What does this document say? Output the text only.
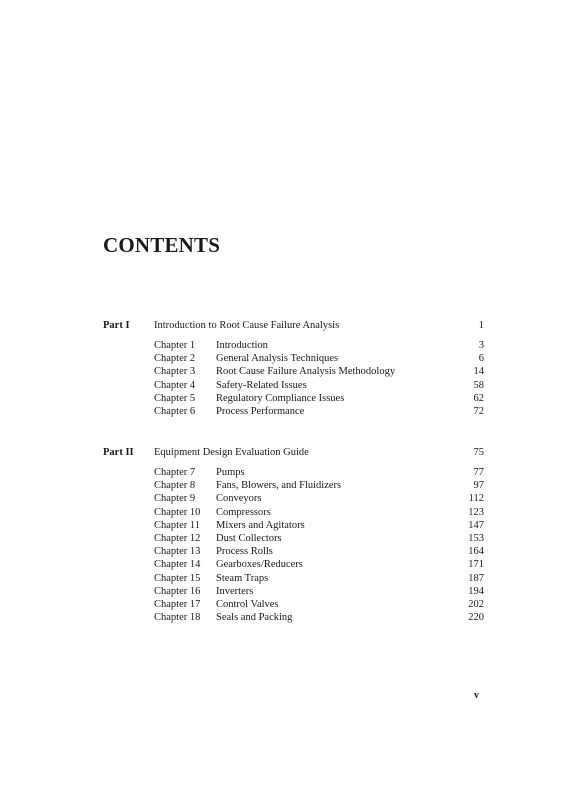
CONTENTS
Part I Introduction to Root Cause Failure Analysis	1
Chapter 1 Introduction	3
Chapter 2 General Analysis Techniques	6
Chapter 3 Root Cause Failure Analysis Methodology	14
Chapter 4 Safety-Related Issues	58
Chapter 5 Regulatory Compliance Issues	62
Chapter 6 Process Performance	72
Part II Equipment Design Evaluation Guide	75
Chapter 7 Pumps	77
Chapter 8 Fans, Blowers, and Fluidizers	97
Chapter 9 Conveyors	112
Chapter 10 Compressors	123
Chapter 11 Mixers and Agitators	147
Chapter 12 Dust Collectors	153
Chapter 13 Process Rolls	164
Chapter 14 Gearboxes/Reducers	171
Chapter 15 Steam Traps	187
Chapter 16 Inverters	194
Chapter 17 Control Valves	202
Chapter 18 Seals and Packing	220
v
